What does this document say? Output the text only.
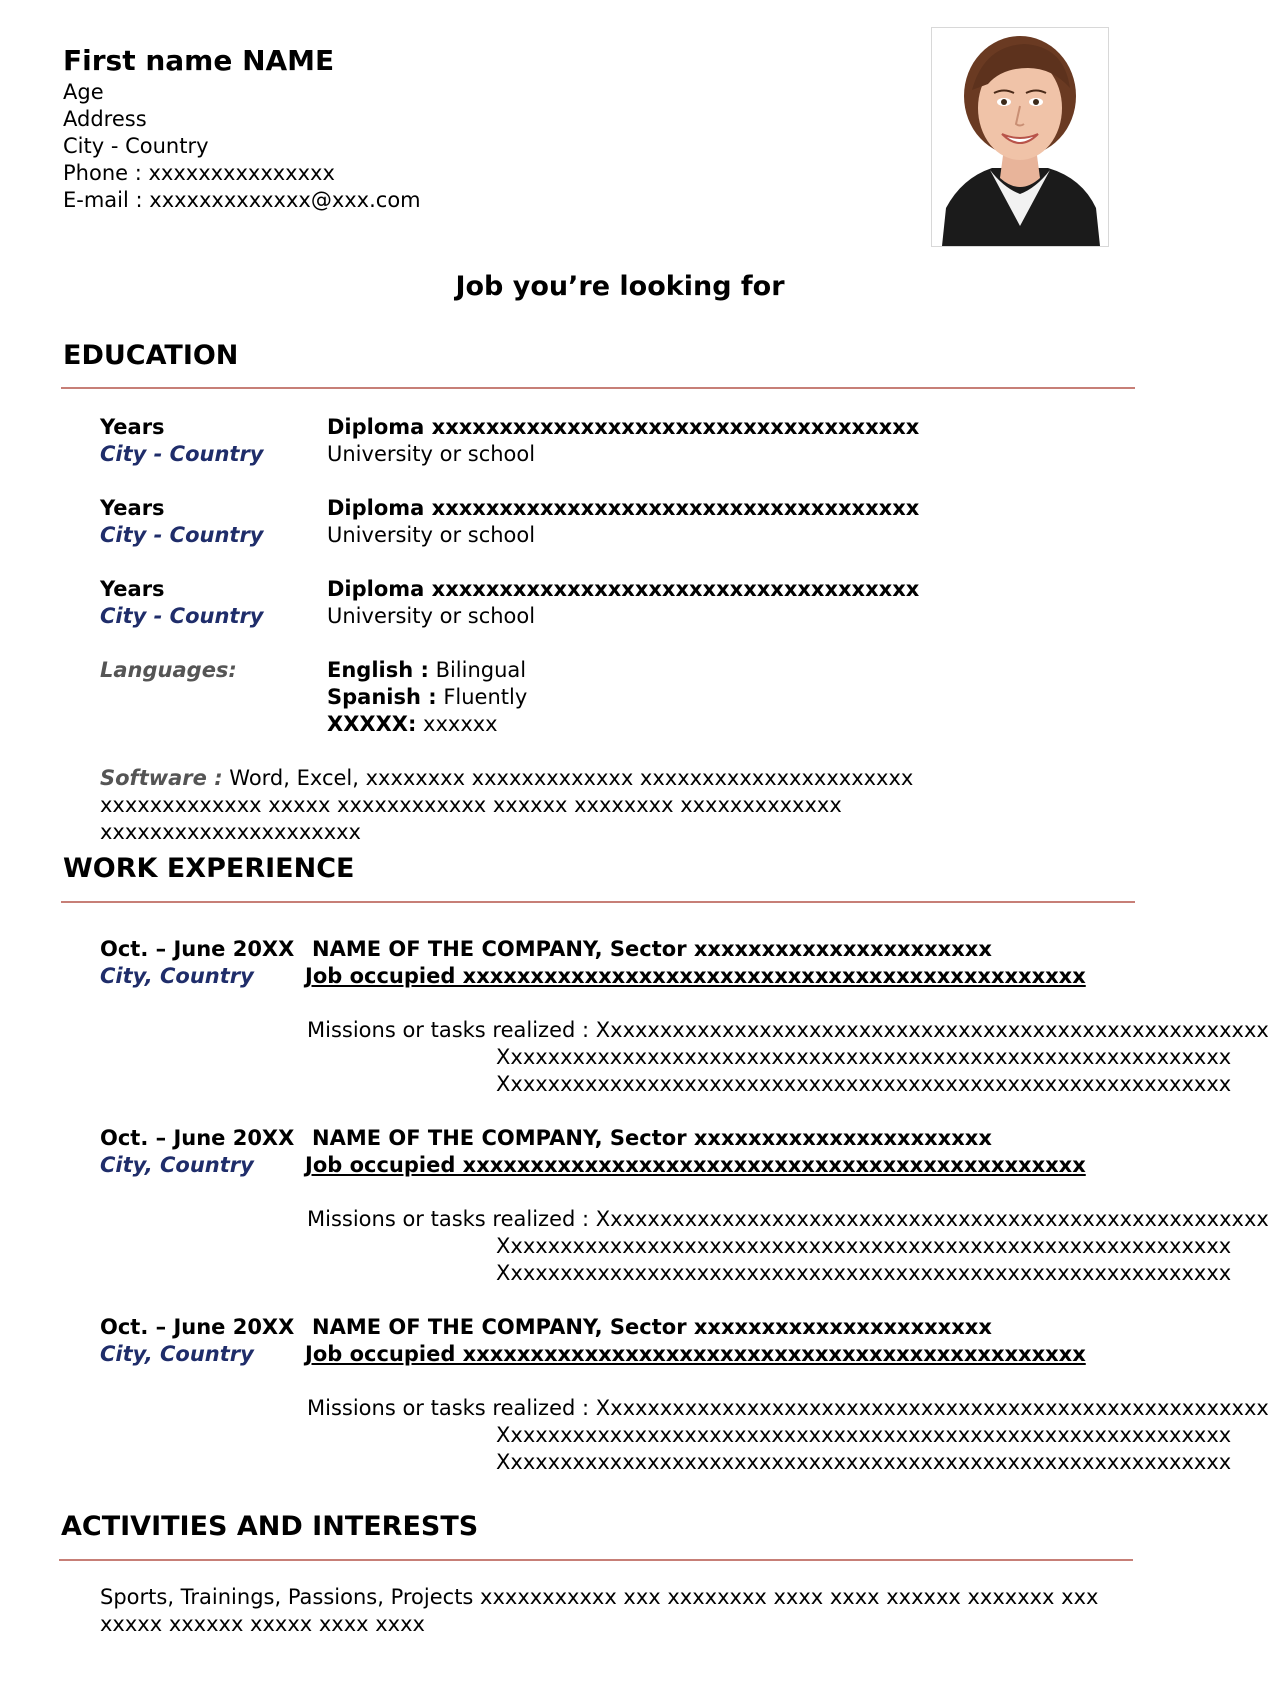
First name NAME
Age
Address
City - Country
Phone : xxxxxxxxxxxxxxx
E-mail : xxxxxxxxxxxxx@xxx.com
Job you’re looking for
EDUCATION
Years
City - Country
Diploma xxxxxxxxxxxxxxxxxxxxxxxxxxxxxxxxxxxx
University or school
Years
City - Country
Diploma xxxxxxxxxxxxxxxxxxxxxxxxxxxxxxxxxxxx
University or school
Years
City - Country
Diploma xxxxxxxxxxxxxxxxxxxxxxxxxxxxxxxxxxxx
University or school
Languages:	English : Bilingual
Spanish : Fluently
XXXXX: xxxxxx
Software : Word, Excel, xxxxxxxx xxxxxxxxxxxxx xxxxxxxxxxxxxxxxxxxxxx xxxxxxxxxxxxx xxxxx xxxxxxxxxxxx xxxxxx xxxxxxxx xxxxxxxxxxxxx xxxxxxxxxxxxxxxxxxxxx
WORK EXPERIENCE
Oct. – June 20XX NAME OF THE COMPANY, Sector xxxxxxxxxxxxxxxxxxxxxx
City, Country Job occupied xxxxxxxxxxxxxxxxxxxxxxxxxxxxxxxxxxxxxxxxxxxxxx
Missions or tasks realized : Xxxxxxxxxxxxxxxxxxxxxxxxxxxxxxxxxxxxxxxxxxxxxxxxxxxxxx
Xxxxxxxxxxxxxxxxxxxxxxxxxxxxxxxxxxxxxxxxxxxxxxxxxxxxxxxxxxx
Xxxxxxxxxxxxxxxxxxxxxxxxxxxxxxxxxxxxxxxxxxxxxxxxxxxxxxxxxxx
Oct. – June 20XX NAME OF THE COMPANY, Sector xxxxxxxxxxxxxxxxxxxxxx
City, Country Job occupied xxxxxxxxxxxxxxxxxxxxxxxxxxxxxxxxxxxxxxxxxxxxxx
Missions or tasks realized : Xxxxxxxxxxxxxxxxxxxxxxxxxxxxxxxxxxxxxxxxxxxxxxxxxxxxxx
Xxxxxxxxxxxxxxxxxxxxxxxxxxxxxxxxxxxxxxxxxxxxxxxxxxxxxxxxxxx
Xxxxxxxxxxxxxxxxxxxxxxxxxxxxxxxxxxxxxxxxxxxxxxxxxxxxxxxxxxx
Oct. – June 20XX NAME OF THE COMPANY, Sector xxxxxxxxxxxxxxxxxxxxxx
City, Country Job occupied xxxxxxxxxxxxxxxxxxxxxxxxxxxxxxxxxxxxxxxxxxxxxx
Missions or tasks realized : Xxxxxxxxxxxxxxxxxxxxxxxxxxxxxxxxxxxxxxxxxxxxxxxxxxxxxx
Xxxxxxxxxxxxxxxxxxxxxxxxxxxxxxxxxxxxxxxxxxxxxxxxxxxxxxxxxxx
Xxxxxxxxxxxxxxxxxxxxxxxxxxxxxxxxxxxxxxxxxxxxxxxxxxxxxxxxxxx
ACTIVITIES AND INTERESTS
Sports, Trainings, Passions, Projects xxxxxxxxxxx xxx xxxxxxxx xxxx xxxx xxxxxx xxxxxxx xxx xxxxx xxxxxx xxxxx xxxx xxxx
